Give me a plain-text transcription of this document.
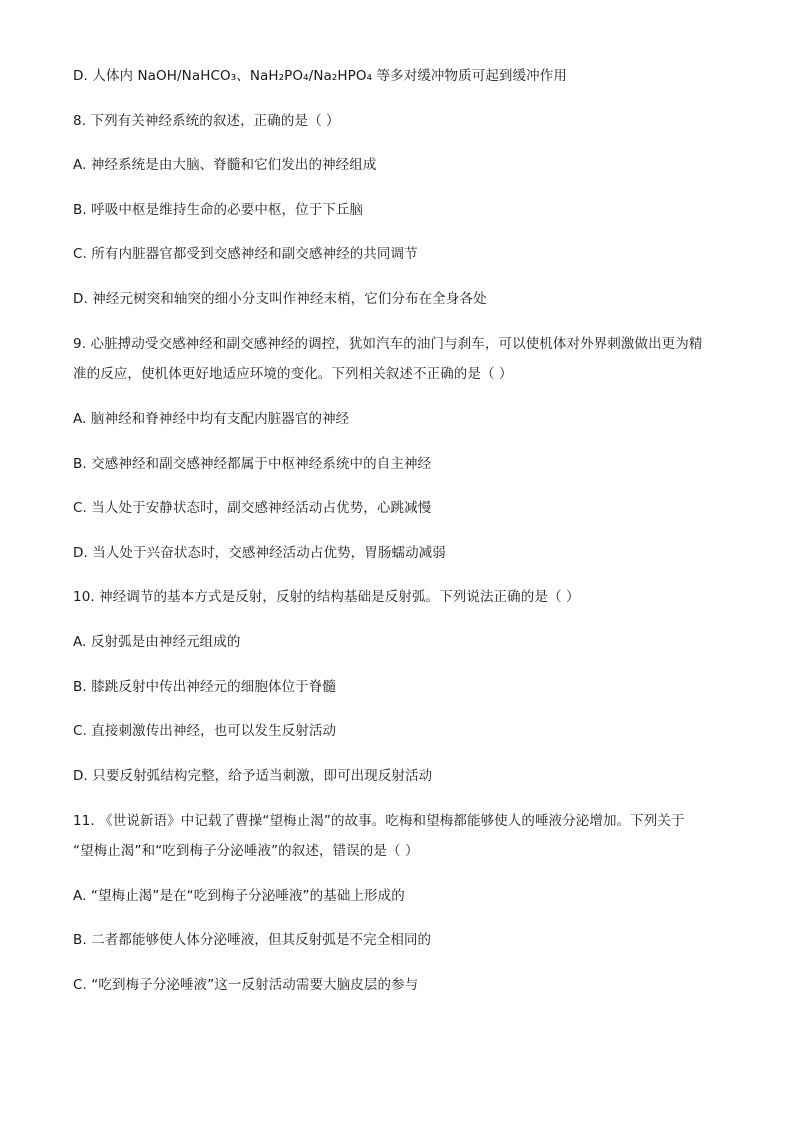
D. 人体内 NaOH/NaHCO₃、NaH₂PO₄/Na₂HPO₄ 等多对缓冲物质可起到缓冲作用
8. 下列有关神经系统的叙述，正确的是（ ）
A. 神经系统是由大脑、脊髓和它们发出的神经组成
B. 呼吸中枢是维持生命的必要中枢，位于下丘脑
C. 所有内脏器官都受到交感神经和副交感神经的共同调节
D. 神经元树突和轴突的细小分支叫作神经末梢，它们分布在全身各处
9. 心脏搏动受交感神经和副交感神经的调控，犹如汽车的油门与刹车，可以使机体对外界刺激做出更为精
准的反应，使机体更好地适应环境的变化。下列相关叙述不正确的是（ ）
A. 脑神经和脊神经中均有支配内脏器官的神经
B. 交感神经和副交感神经都属于中枢神经系统中的自主神经
C. 当人处于安静状态时，副交感神经活动占优势，心跳减慢
D. 当人处于兴奋状态时，交感神经活动占优势，胃肠蠕动减弱
10. 神经调节的基本方式是反射，反射的结构基础是反射弧。下列说法正确的是（ ）
A. 反射弧是由神经元组成的
B. 膝跳反射中传出神经元的细胞体位于脊髓
C. 直接刺激传出神经，也可以发生反射活动
D. 只要反射弧结构完整，给予适当刺激，即可出现反射活动
11. 《世说新语》中记载了曹操“望梅止渴”的故事。吃梅和望梅都能够使人的唾液分泌增加。下列关于
“望梅止渴”和“吃到梅子分泌唾液”的叙述，错误的是（ ）
A. “望梅止渴”是在“吃到梅子分泌唾液”的基础上形成的
B. 二者都能够使人体分泌唾液，但其反射弧是不完全相同的
C. “吃到梅子分泌唾液”这一反射活动需要大脑皮层的参与
